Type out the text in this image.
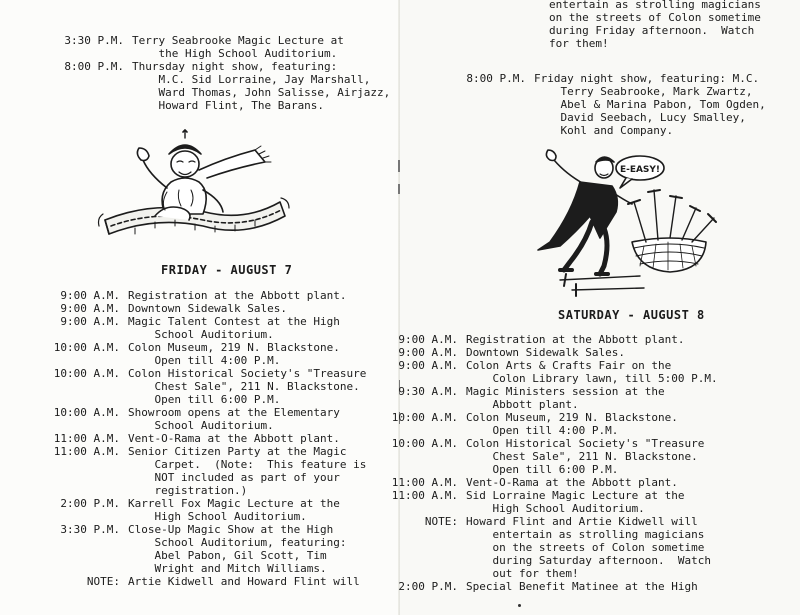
3:30 P.M. Terry Seabrooke Magic Lecture at
the High School Auditorium.
8:00 P.M. Thursday night show, featuring:
M.C. Sid Lorraine, Jay Marshall,
Ward Thomas, John Salisse, Airjazz,
Howard Flint, The Barans.
FRIDAY - AUGUST 7
9:00 A.M. Registration at the Abbott plant.
9:00 A.M. Downtown Sidewalk Sales.
9:00 A.M. Magic Talent Contest at the High
School Auditorium.
10:00 A.M. Colon Museum, 219 N. Blackstone.
Open till 4:00 P.M.
10:00 A.M. Colon Historical Society's "Treasure
Chest Sale", 211 N. Blackstone.
Open till 6:00 P.M.
10:00 A.M. Showroom opens at the Elementary
School Auditorium.
11:00 A.M. Vent-O-Rama at the Abbott plant.
11:00 A.M. Senior Citizen Party at the Magic
Carpet.  (Note:  This feature is
NOT included as part of your
registration.)
2:00 P.M. Karrell Fox Magic Lecture at the
High School Auditorium.
3:30 P.M. Close-Up Magic Show at the High
School Auditorium, featuring:
Abel Pabon, Gil Scott, Tim
Wright and Mitch Williams.
NOTE: Artie Kidwell and Howard Flint will
entertain as strolling magicians
on the streets of Colon sometime
during Friday afternoon.  Watch
for them!
8:00 P.M. Friday night show, featuring: M.C.
Terry Seabrooke, Mark Zwartz,
Abel & Marina Pabon, Tom Ogden,
David Seebach, Lucy Smalley,
Kohl and Company.
E-EASY!
SATURDAY - AUGUST 8
9:00 A.M. Registration at the Abbott plant.
9:00 A.M. Downtown Sidewalk Sales.
9:00 A.M. Colon Arts & Crafts Fair on the
Colon Library lawn, till 5:00 P.M.
9:30 A.M. Magic Ministers session at the
Abbott plant.
10:00 A.M. Colon Museum, 219 N. Blackstone.
Open till 4:00 P.M.
10:00 A.M. Colon Historical Society's "Treasure
Chest Sale", 211 N. Blackstone.
Open till 6:00 P.M.
11:00 A.M. Vent-O-Rama at the Abbott plant.
11:00 A.M. Sid Lorraine Magic Lecture at the
High School Auditorium.
NOTE: Howard Flint and Artie Kidwell will
entertain as strolling magicians
on the streets of Colon sometime
during Saturday afternoon.  Watch
out for them!
2:00 P.M. Special Benefit Matinee at the High
